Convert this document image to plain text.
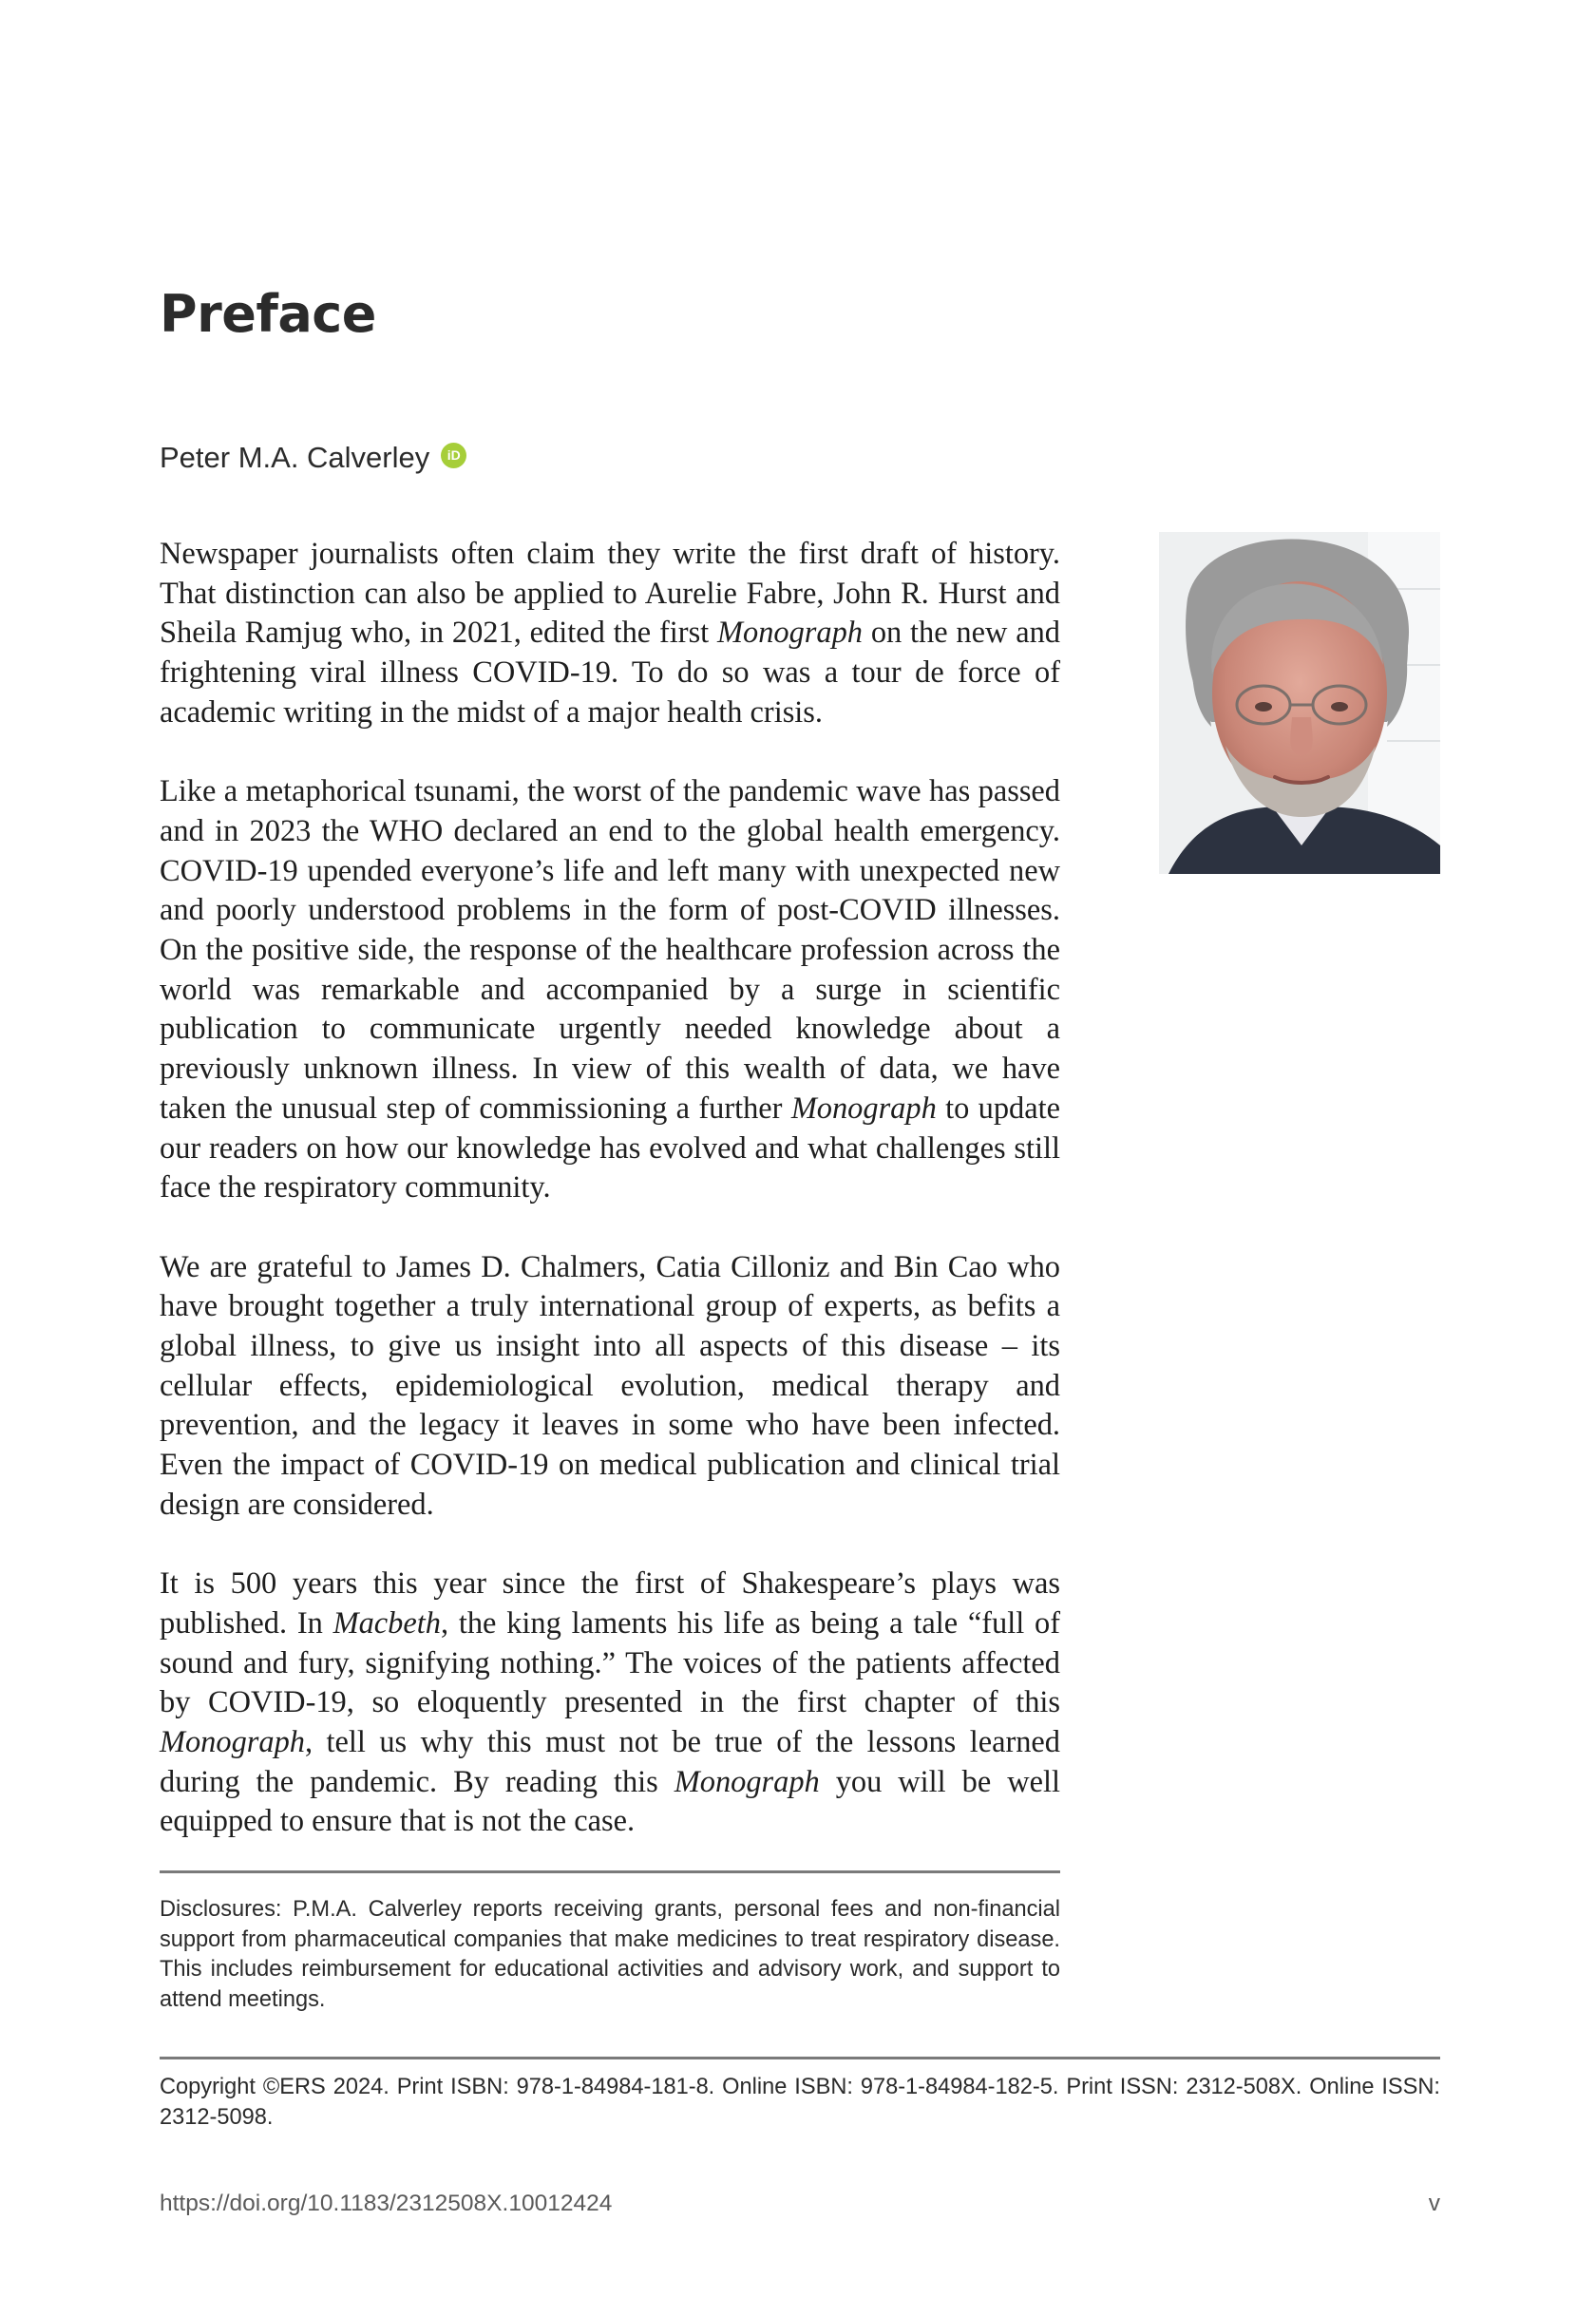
Preface
Peter M.A. Calverley	iD

Newspaper journalists often claim they write the first draft of history. That distinction can also be applied to Aurelie Fabre, John R. Hurst and Sheila Ramjug who, in 2021, edited the first Monograph on the new and frightening viral illness COVID-19. To do so was a tour de force of academic writing in the midst of a major health crisis.

Like a metaphorical tsunami, the worst of the pandemic wave has passed and in 2023 the WHO declared an end to the global health emergency. COVID-19 upended everyone’s life and left many with unexpected new and poorly understood problems in the form of post-COVID illnesses. On the positive side, the response of the healthcare profession across the world was remarkable and accompanied by a surge in scientific publication to communicate urgently needed knowledge about a previously unknown illness. In view of this wealth of data, we have taken the unusual step of commissioning a further Monograph to update our readers on how our knowledge has evolved and what challenges still face the respiratory community.

We are grateful to James D. Chalmers, Catia Cilloniz and Bin Cao who have brought together a truly international group of experts, as befits a global illness, to give us insight into all aspects of this disease – its cellular effects, epidemiological evolution, medical therapy and prevention, and the legacy it leaves in some who have been infected. Even the impact of COVID-19 on medical publication and clinical trial design are considered.

It is 500 years this year since the first of Shakespeare’s plays was published. In Macbeth, the king laments his life as being a tale “full of sound and fury, signifying nothing.” The voices of the patients affected by COVID-19, so eloquently presented in the first chapter of this Monograph, tell us why this must not be true of the lessons learned during the pandemic. By reading this Monograph you will be well equipped to ensure that is not the case.

Disclosures: P.M.A. Calverley reports receiving grants, personal fees and non-financial support from pharmaceutical companies that make medicines to treat respiratory disease. This includes reimbursement for educational activities and advisory work, and support to attend meetings.

Copyright ©ERS 2024. Print ISBN: 978-1-84984-181-8. Online ISBN: 978-1-84984-182-5. Print ISSN: 2312-508X. Online ISSN: 2312-5098.

https://doi.org/10.1183/2312508X.10012424	v
